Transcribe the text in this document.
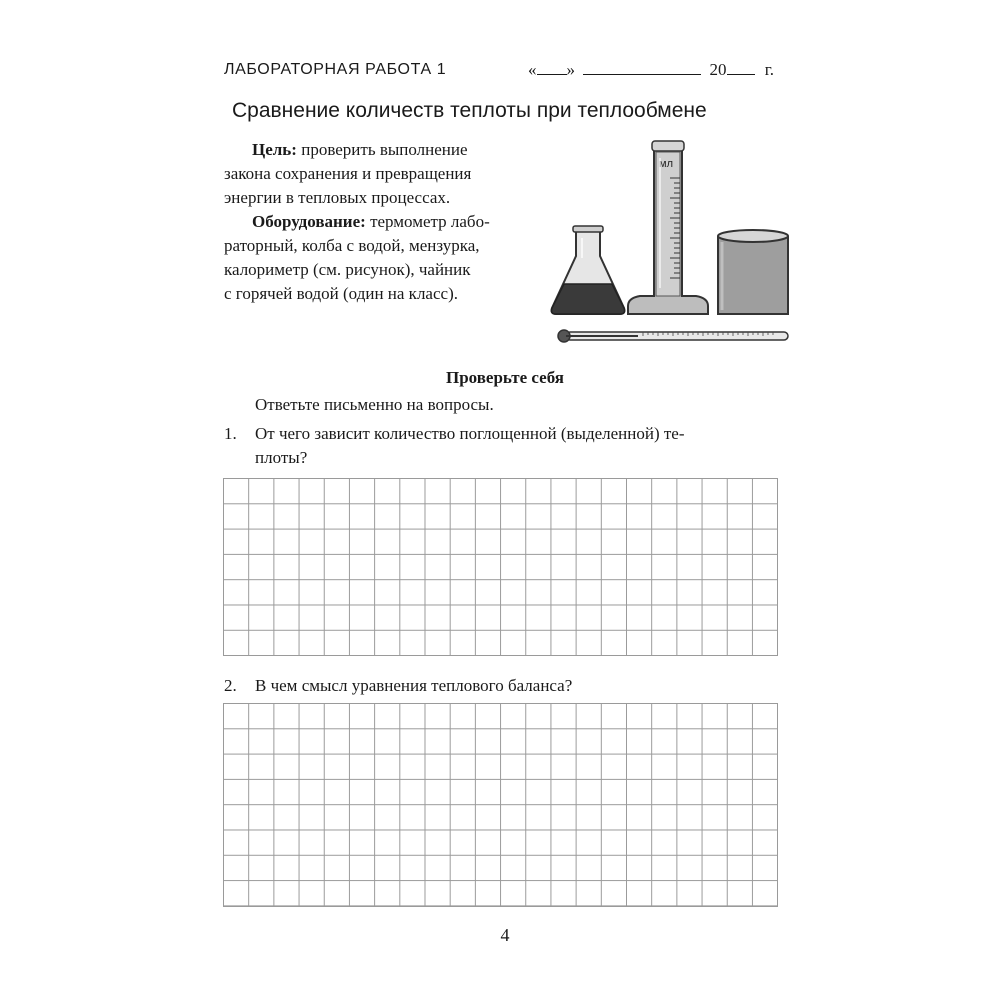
ЛАБОРАТОРНАЯ РАБОТА 1	« »	20 г.
Сравнение количеств теплоты при теплообмене
Цель: проверить выполнение
закона сохранения и превращения
энергии в тепловых процессах.
Оборудование: термометр лабо-
раторный, колба с водой, мензурка,
калориметр (см. рисунок), чайник
с горячей водой (один на класс).
мл
Проверьте себя
Ответьте письменно на вопросы.
1. От чего зависит количество поглощенной (выделенной) те-
плоты?
2. В чем смысл уравнения теплового баланса?
4
